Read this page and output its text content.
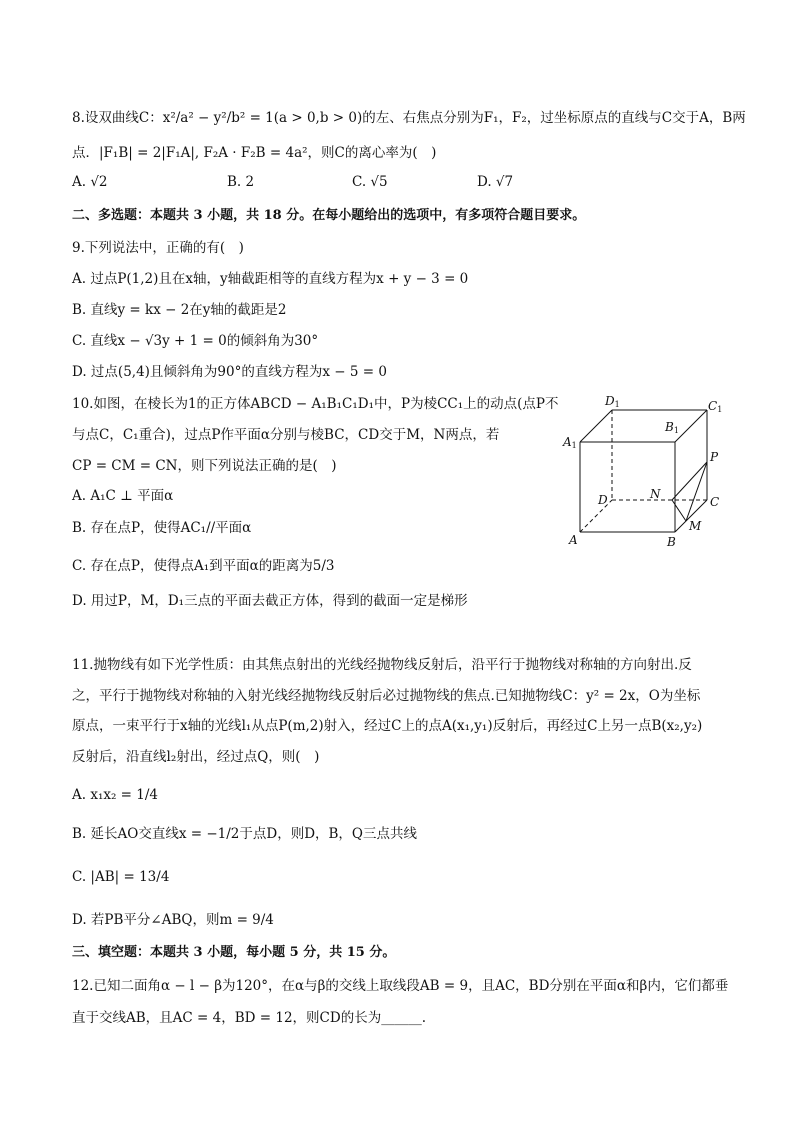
8.设双曲线C：x²/a² − y²/b² = 1(a > 0,b > 0)的左、右焦点分别为F₁，F₂，过坐标原点的直线与C交于A，B两
点．|F₁B| = 2|F₁A|, F₂A · F₂B = 4a²，则C的离心率为(　)
A. √2	B. 2	C. √5	D. √7
二、多选题：本题共 3 小题，共 18 分。在每小题给出的选项中，有多项符合题目要求。
9.下列说法中，正确的有(　)
A. 过点P(1,2)且在x轴，y轴截距相等的直线方程为x + y − 3 = 0
B. 直线y = kx − 2在y轴的截距是2
C. 直线x − √3y + 1 = 0的倾斜角为30°
D. 过点(5,4)且倾斜角为90°的直线方程为x − 5 = 0
10.如图，在棱长为1的正方体ABCD − A₁B₁C₁D₁中，P为棱CC₁上的动点(点P不
与点C，C₁重合)，过点P作平面α分别与棱BC，CD交于M，N两点，若
CP = CM = CN，则下列说法正确的是(　)
A. A₁C ⊥ 平面α
B. 存在点P，使得AC₁//平面α
C. 存在点P，使得点A₁到平面α的距离为5/3
D. 用过P，M，D₁三点的平面去截正方体，得到的截面一定是梯形
D1	C1
B1
A1
P
D	N
C
M
A	B
11.抛物线有如下光学性质：由其焦点射出的光线经抛物线反射后，沿平行于抛物线对称轴的方向射出.反
之，平行于抛物线对称轴的入射光线经抛物线反射后必过抛物线的焦点.已知抛物线C：y² = 2x，O为坐标
原点，一束平行于x轴的光线l₁从点P(m,2)射入，经过C上的点A(x₁,y₁)反射后，再经过C上另一点B(x₂,y₂)
反射后，沿直线l₂射出，经过点Q，则(　)
A. x₁x₂ = 1/4
B. 延长AO交直线x = −1/2于点D，则D，B，Q三点共线
C. |AB| = 13/4
D. 若PB平分∠ABQ，则m = 9/4
三、填空题：本题共 3 小题，每小题 5 分，共 15 分。
12.已知二面角α − l − β为120°，在α与β的交线上取线段AB = 9，且AC，BD分别在平面α和β内，它们都垂
直于交线AB，且AC = 4，BD = 12，则CD的长为______.
